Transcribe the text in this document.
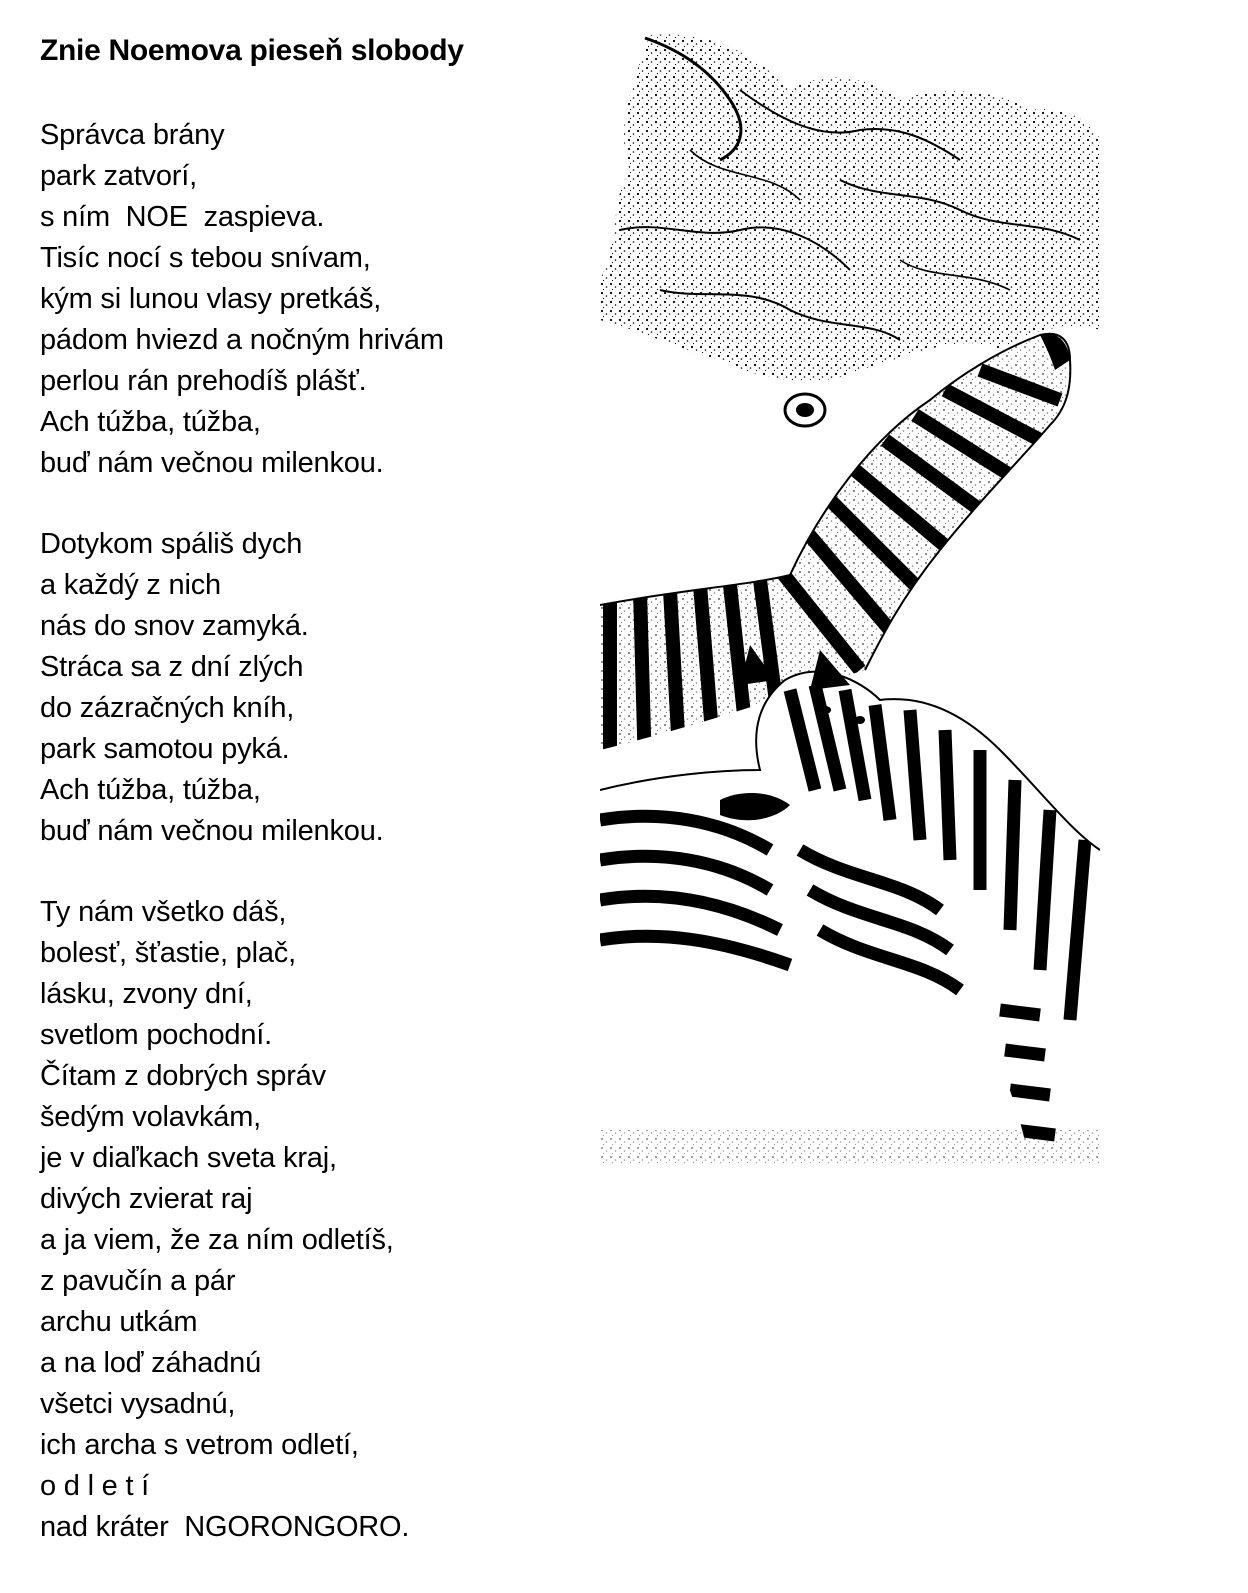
Znie Noemova pieseň slobody
Správca brány
park zatvorí,
s ním  NOE  zaspieva.
Tisíc nocí s tebou snívam,
kým si lunou vlasy pretkáš,
pádom hviezd a nočným hrivám
perlou rán prehodíš plášť.
Ach túžba, túžba,
buď nám večnou milenkou.
Dotykom spáliš dych
a každý z nich
nás do snov zamyká.
Stráca sa z dní zlých
do zázračných kníh,
park samotou pyká.
Ach túžba, túžba,
buď nám večnou milenkou.
Ty nám všetko dáš,
bolesť, šťastie, plač,
lásku, zvony dní,
svetlom pochodní.
Čítam z dobrých správ
šedým volavkám,
je v diaľkach sveta kraj,
divých zvierat raj
a ja viem, že za ním odletíš,
z pavučín a pár
archu utkám
a na loď záhadnú
všetci vysadnú,
ich archa s vetrom odletí,
o d l e t í
nad kráter  NGORONGORO.
